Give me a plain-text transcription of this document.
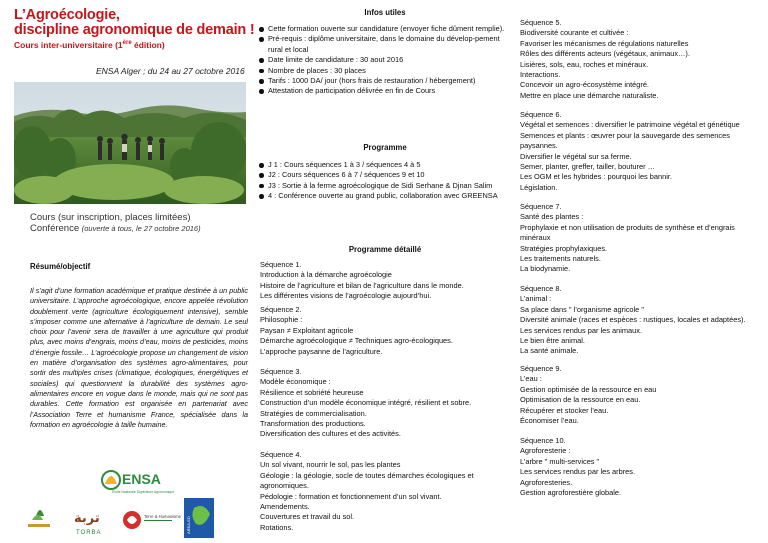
L’Agroécologie,
discipline agronomique de demain !
Cours inter-universitaire (1ère édition)
ENSA Alger ; du 24 au 27 octobre 2016
Cours (sur inscription, places limitées)
Conférence (ouverte à tous, le 27 octobre 2016)
Résumé/objectif
Il s’agit d’une formation académique et pratique destinée à un public universitaire. L’approche agroécologique, encore appelée révolution doublement verte (agriculture écologiquement intensive), semble s’imposer comme une alternative à l’agriculture de demain. Le seul choix pour l’avenir sera de travailler à une agriculture qui produit plus, avec moins d’engrais, moins d’eau, moins de pesticides, moins d’énergie fossile… L’agroécologie propose un changement de vision en matière d’organisation des systèmes agro-alimentaires, pour sortir des multiples crises (climatique, écologiques, énergétiques et sociales) qui questionnent la durabilité des systèmes agro-alimentaires encore en vogue dans le monde, mais qui ne sont pas durables. Cette formation est organisée en partenariat avec l’Association Terre et humanisme France, spécialisée dans la formation en agroécologie à taille humaine.
ENSA
École Nationale Supérieure Agronomique
تربة
TORBA
Terre & Humanisme AREA-ED
Infos utiles
Cette formation ouverte sur candidature (envoyer fiche dûment remplie).
Pré-requis : diplôme universitaire, dans le domaine du dévelop-pement rural et local
Date limite de candidature : 30 aout 2016
Nombre de places : 30 places
Tarifs : 1000 DA/ jour (hors frais de restauration / hébergement)
Attestation de participation délivrée en fin de Cours
Programme
J 1 : Cours séquences 1 à 3 / séquences 4 à 5
J2 : Cours séquences 6 à 7 / séquences 9 et 10
J3 : Sortie à la ferme agroécologique de Sidi Serhane & Djnan Salim
4 : Conférence ouverte au grand public, collaboration avec GREENSA
Programme détaillé
Séquence 1.
Introduction à la démarche agroécologie
Histoire de l’agriculture et bilan de l’agriculture dans le monde.
Les différentes visions de l’agroécologie aujourd’hui.
Séquence 2.
Philosophie :
Paysan ≠ Exploitant agricole
Démarche agroécologique ≠ Techniques agro-écologiques.
L’approche paysanne de l’agriculture.
Séquence 3.
Modèle économique :
Résilience et sobriété heureuse
Construction d’un modèle économique intégré, résilient et sobre.
Stratégies de commercialisation.
Transformation des productions.
Diversification des cultures et des activités.
Séquence 4.
Un sol vivant, nourrir le sol, pas les plantes
Géologie : la géologie, socle de toutes démarches écologiques et agronomiques.
Pédologie : formation et fonctionnement d’un sol vivant.
Amendements.
Couvertures et travail du sol.
Rotations.
Séquence 5.
Biodiversité courante et cultivée :
Favoriser les mécanismes de régulations naturelles
Rôles des différents acteurs (végétaux, animaux…).
Lisières, sols, eau, roches et minéraux.
Interactions.
Concevoir un agro-écosystème intégré.
Mettre en place une démarche naturaliste.
Séquence 6.
Végétal et semences : diversifier le patrimoine végétal et génétique
Semences et plants : œuvrer pour la sauvegarde des semences paysannes.
Diversifier le végétal sur sa ferme.
Semer, planter, greffer, tailler, bouturer …
Les OGM et les hybrides : pourquoi les bannir.
Législation.
Séquence 7.
Santé des plantes :
Prophylaxie et non utilisation de produits de synthèse et d’engrais minéraux
Stratégies prophylaxiques.
Les traitements naturels.
La biodynamie.
Séquence 8.
L’animal :
Sa place dans " l’organisme agricole "
Diversité animale (races et espèces : rustiques, locales et adaptées).
Les services rendus par les animaux.
Le bien être animal.
La santé animale.
Séquence 9.
L’eau :
Gestion optimisée de la ressource en eau
Optimisation de la ressource en eau.
Récupérer et stocker l’eau.
Économiser l’eau.
Séquence 10.
Agroforesterie :
L’arbre " multi-services "
Les services rendus par les arbres.
Agroforesteries.
Gestion agroforestière globale.
